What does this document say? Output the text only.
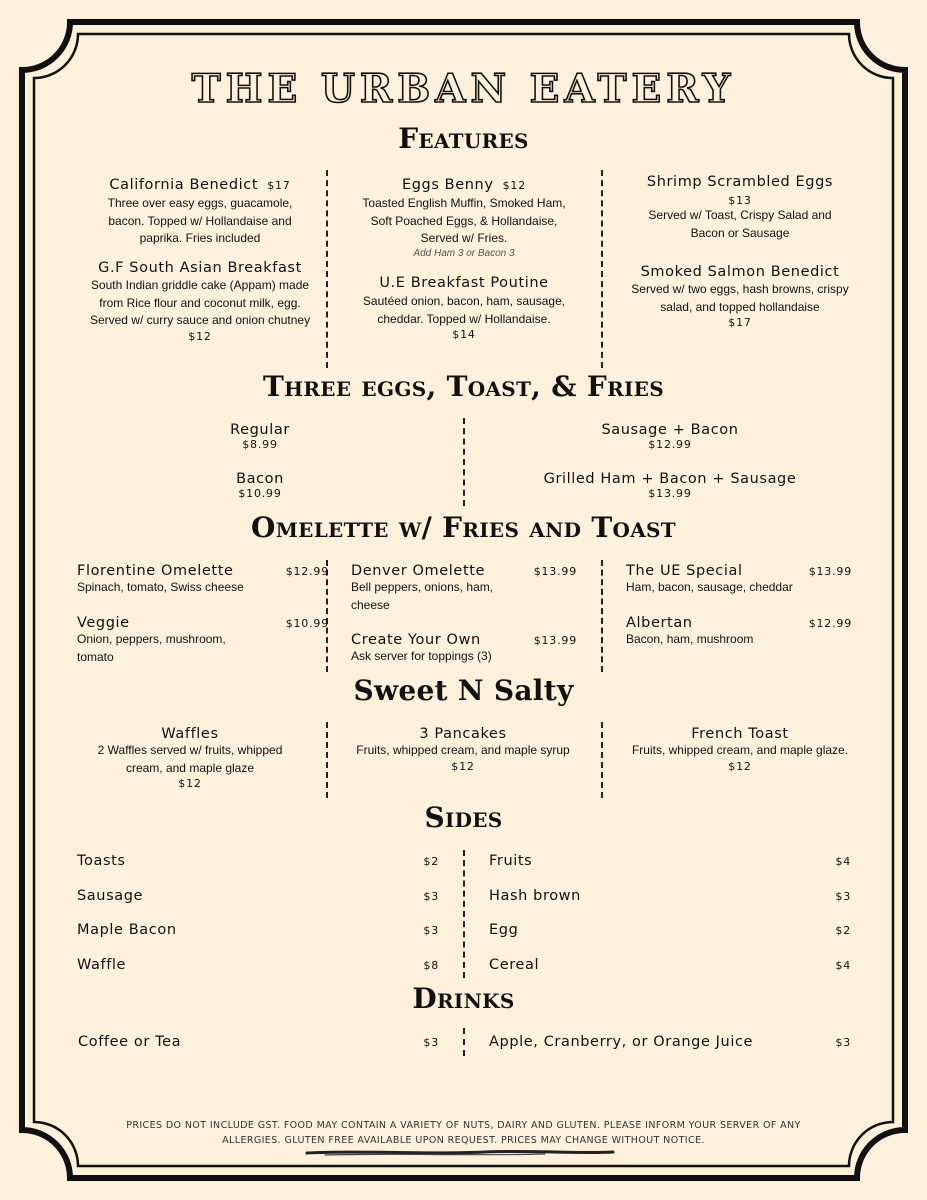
THE URBAN EATERY
Features
California Benedict $17
Three over easy eggs, guacamole, bacon. Topped w/ Hollandaise and paprika. Fries included
G.F South Asian Breakfast
South Indian griddle cake (Appam) made from Rice flour and coconut milk, egg. Served w/ curry sauce and onion chutney
$12
Eggs Benny $12
Toasted English Muffin, Smoked Ham, Soft Poached Eggs, & Hollandaise, Served w/ Fries.
Add Ham 3 or Bacon 3
U.E Breakfast Poutine
Sautéed onion, bacon, ham, sausage, cheddar. Topped w/ Hollandaise.
$14
Shrimp Scrambled Eggs
$13
Served w/ Toast, Crispy Salad and Bacon or Sausage
Smoked Salmon Benedict
Served w/ two eggs, hash browns, crispy salad, and topped hollandaise
$17
Three eggs, Toast, & Fries
Regular
$8.99
Bacon
$10.99
Sausage + Bacon
$12.99
Grilled Ham + Bacon + Sausage
$13.99
Omelette w/ Fries and Toast
Florentine Omelette	$12.99
Spinach, tomato, Swiss cheese
Veggie	$10.99
Onion, peppers, mushroom, tomato
Denver Omelette	$13.99
Bell peppers, onions, ham, cheese
Create Your Own	$13.99
Ask server for toppings (3)
The UE Special	$13.99
Ham, bacon, sausage, cheddar
Albertan	$12.99
Bacon, ham, mushroom
Sweet N Salty
Waffles
2 Waffles served w/ fruits, whipped cream, and maple glaze
$12
3 Pancakes
Fruits, whipped cream, and maple syrup
$12
French Toast
Fruits, whipped cream, and maple glaze.
$12
Sides
Toasts	$2
Sausage	$3
Maple Bacon	$3
Waffle	$8
Fruits	$4
Hash brown	$3
Egg	$2
Cereal	$4
Drinks
Coffee or Tea	$3	Apple, Cranberry, or Orange Juice	$3
PRICES DO NOT INCLUDE GST. FOOD MAY CONTAIN A VARIETY OF NUTS, DAIRY AND GLUTEN. PLEASE INFORM YOUR SERVER OF ANY ALLERGIES. GLUTEN FREE AVAILABLE UPON REQUEST. PRICES MAY CHANGE WITHOUT NOTICE.
